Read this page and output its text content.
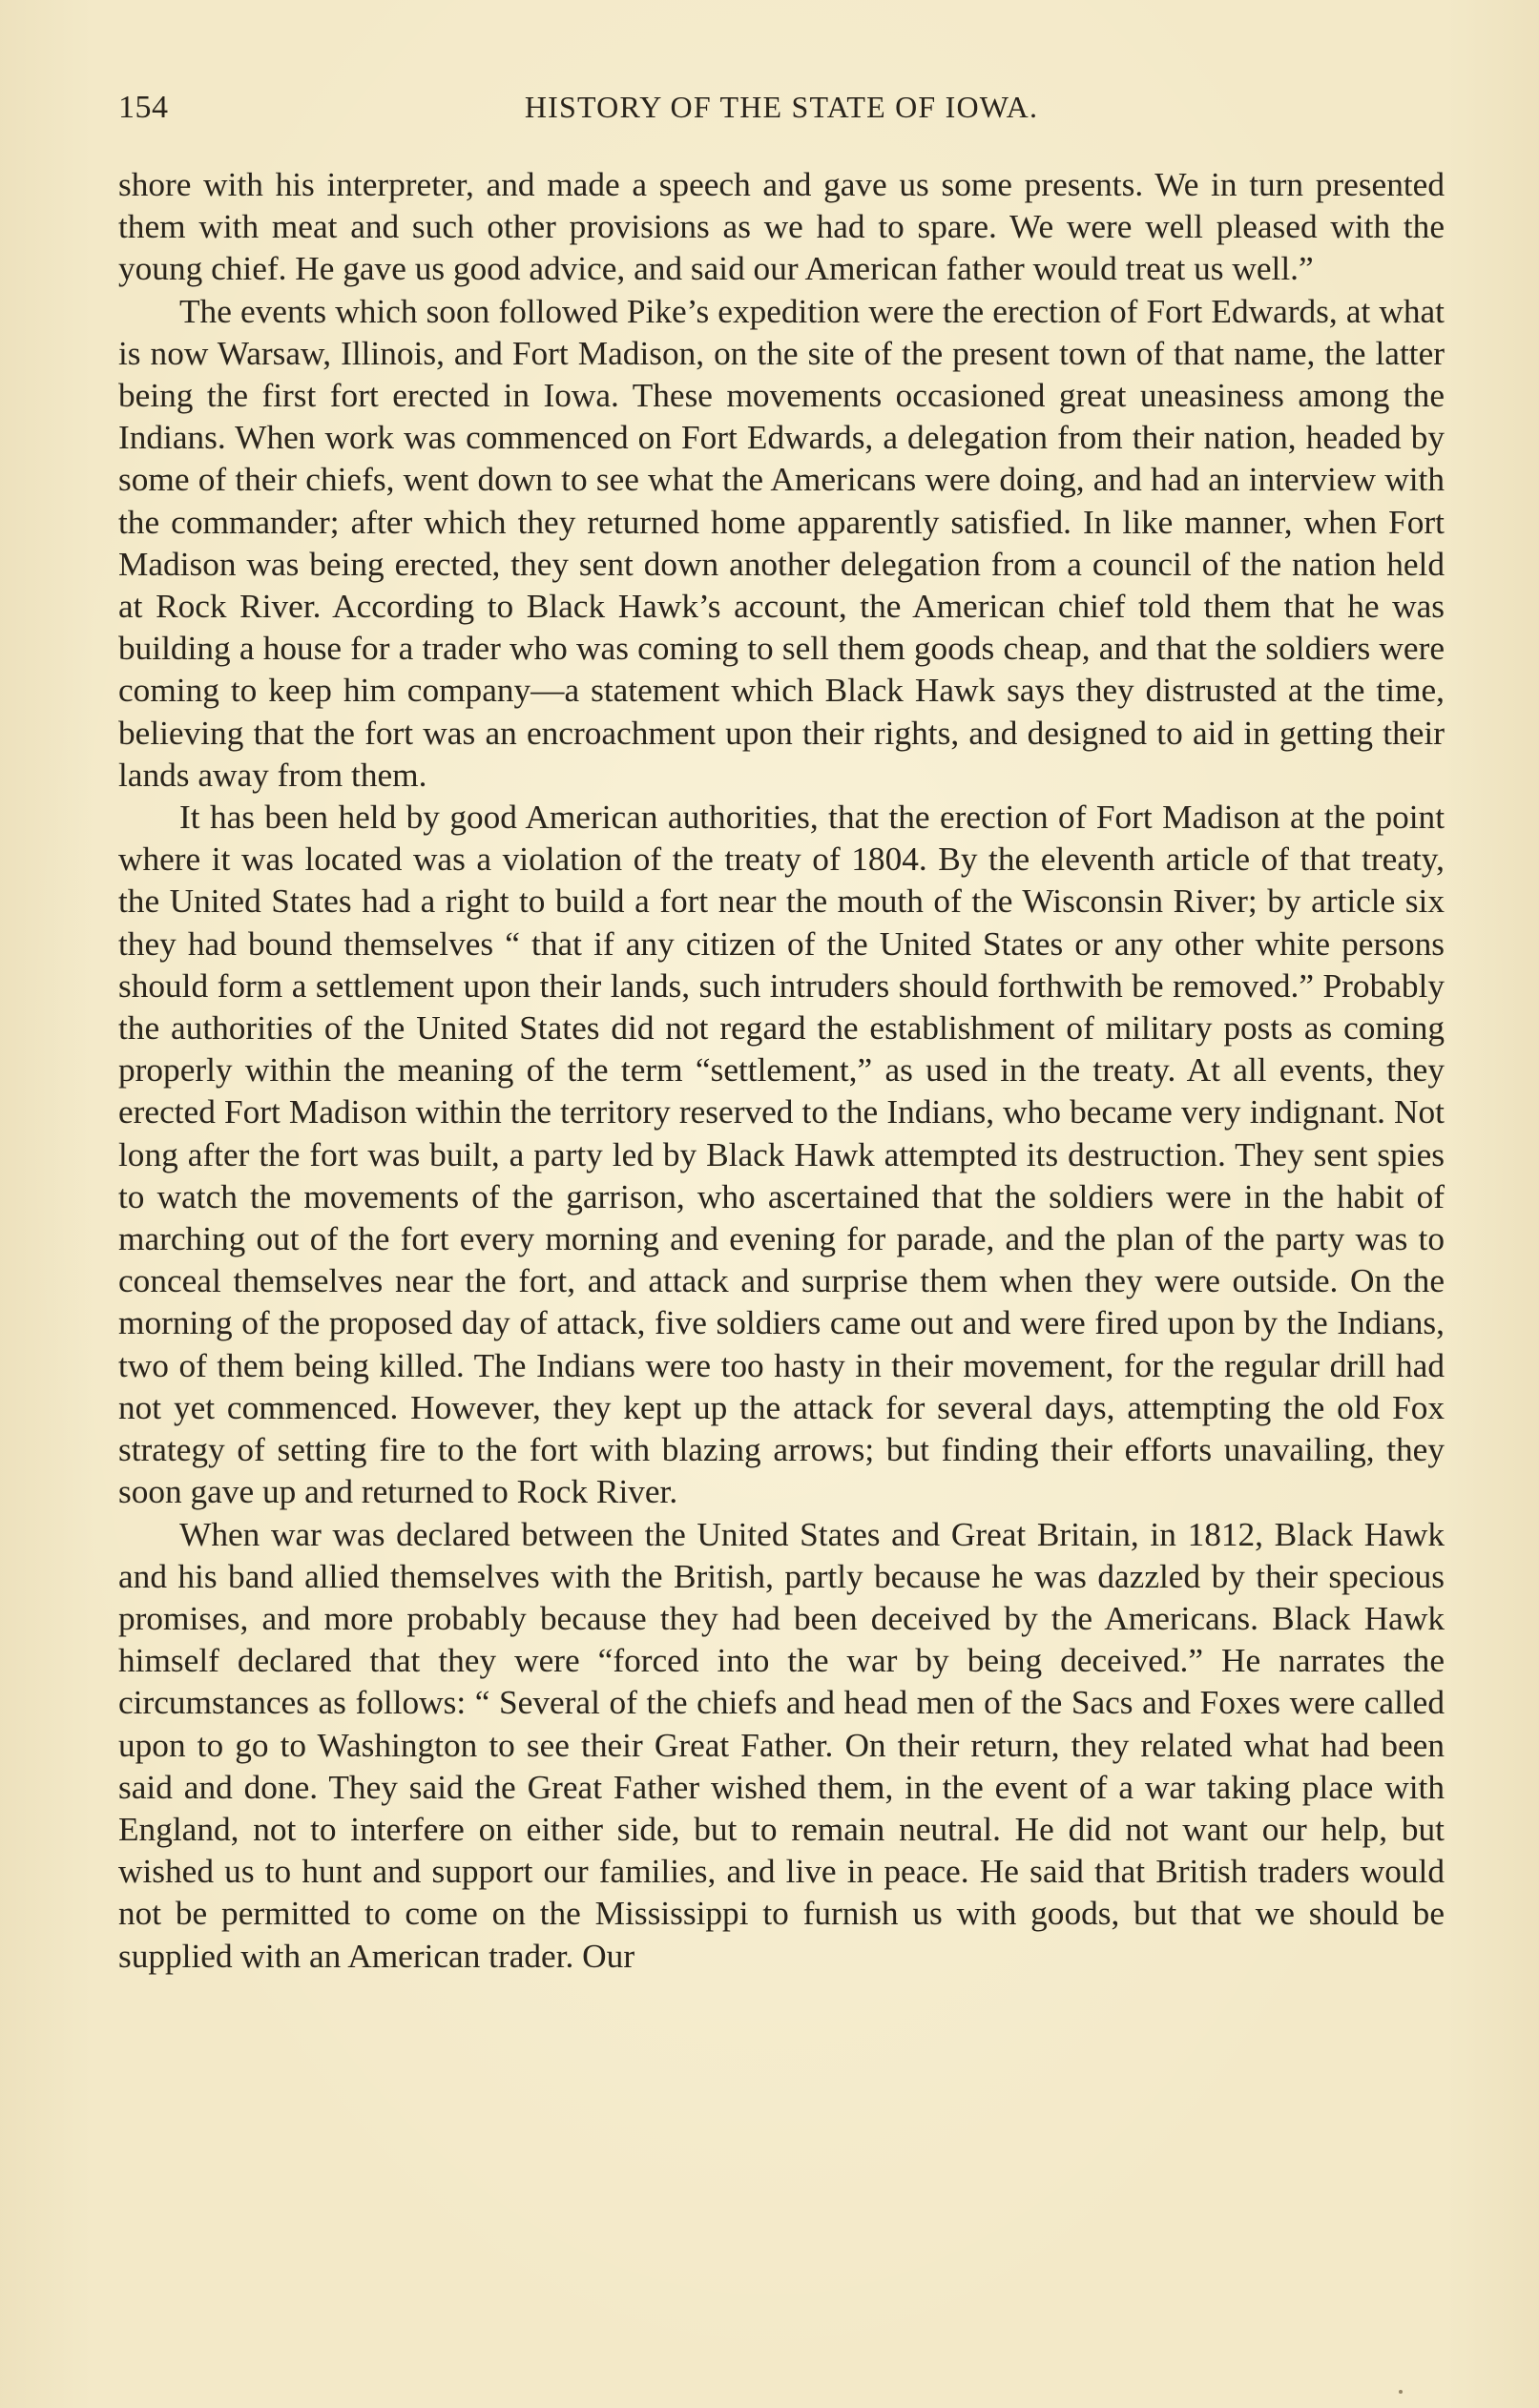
154	HISTORY OF THE STATE OF IOWA.

shore with his interpreter, and made a speech and gave us some presents. We in turn presented them with meat and such other provisions as we had to spare. We were well pleased with the young chief. He gave us good advice, and said our American father would treat us well.”

The events which soon followed Pike’s expedition were the erection of Fort Edwards, at what is now Warsaw, Illinois, and Fort Madison, on the site of the present town of that name, the latter being the first fort erected in Iowa. These movements occasioned great uneasiness among the Indians. When work was commenced on Fort Edwards, a delegation from their nation, headed by some of their chiefs, went down to see what the Americans were doing, and had an interview with the commander; after which they returned home apparently satisfied. In like manner, when Fort Madison was being erected, they sent down another delegation from a council of the nation held at Rock River. According to Black Hawk’s account, the American chief told them that he was building a house for a trader who was coming to sell them goods cheap, and that the soldiers were coming to keep him company—a statement which Black Hawk says they distrusted at the time, believing that the fort was an encroachment upon their rights, and designed to aid in getting their lands away from them.

It has been held by good American authorities, that the erection of Fort Madison at the point where it was located was a violation of the treaty of 1804. By the eleventh article of that treaty, the United States had a right to build a fort near the mouth of the Wisconsin River; by article six they had bound themselves “ that if any citizen of the United States or any other white persons should form a settlement upon their lands, such intruders should forthwith be removed.” Probably the authorities of the United States did not regard the establishment of military posts as coming properly within the meaning of the term “settlement,” as used in the treaty. At all events, they erected Fort Madison within the territory reserved to the Indians, who became very indignant. Not long after the fort was built, a party led by Black Hawk attempted its destruction. They sent spies to watch the movements of the garrison, who ascertained that the soldiers were in the habit of marching out of the fort every morning and evening for parade, and the plan of the party was to conceal themselves near the fort, and attack and surprise them when they were outside. On the morning of the proposed day of attack, five soldiers came out and were fired upon by the Indians, two of them being killed. The Indians were too hasty in their movement, for the regular drill had not yet commenced. However, they kept up the attack for several days, attempting the old Fox strategy of setting fire to the fort with blazing arrows; but finding their efforts unavailing, they soon gave up and returned to Rock River.

When war was declared between the United States and Great Britain, in 1812, Black Hawk and his band allied themselves with the British, partly because he was dazzled by their specious promises, and more probably because they had been deceived by the Americans. Black Hawk himself declared that they were “forced into the war by being deceived.” He narrates the circumstances as follows: “ Several of the chiefs and head men of the Sacs and Foxes were called upon to go to Washington to see their Great Father. On their return, they related what had been said and done. They said the Great Father wished them, in the event of a war taking place with England, not to interfere on either side, but to remain neutral. He did not want our help, but wished us to hunt and support our families, and live in peace. He said that British traders would not be permitted to come on the Mississippi to furnish us with goods, but that we should be supplied with an American trader. Our
